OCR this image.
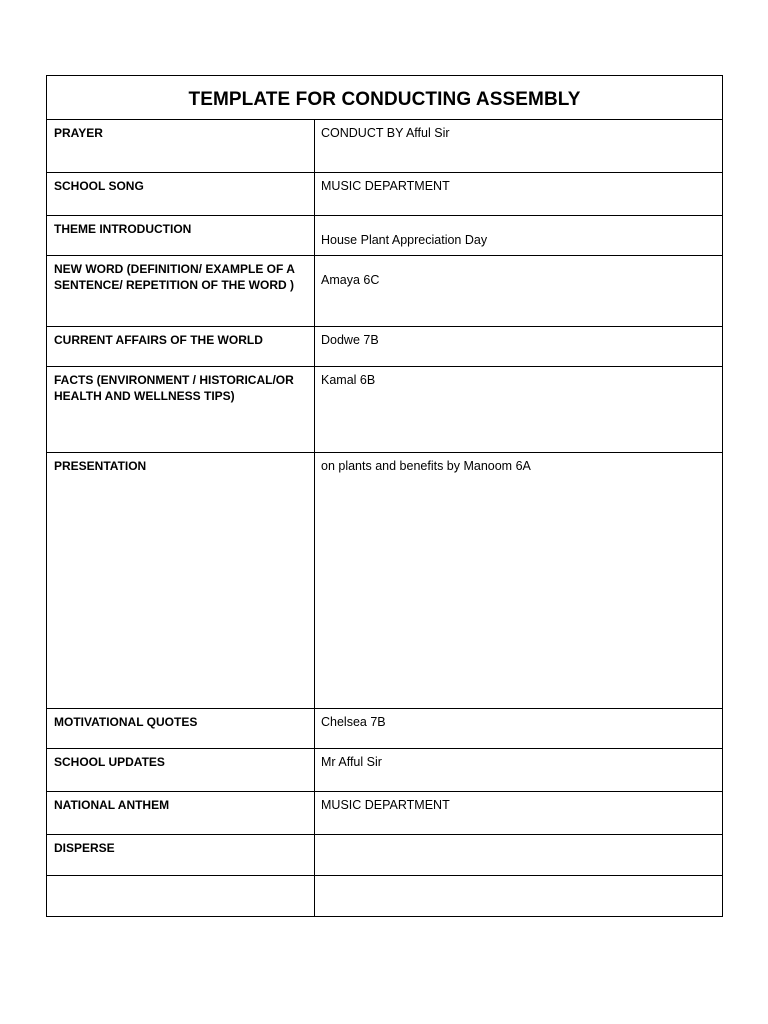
TEMPLATE FOR CONDUCTING ASSEMBLY	
PRAYER	CONDUCT BY Afful Sir
SCHOOL SONG	MUSIC DEPARTMENT
THEME INTRODUCTION	House Plant Appreciation Day
NEW WORD (DEFINITION/ EXAMPLE OF A SENTENCE/ REPETITION OF THE WORD )	Amaya 6C
CURRENT AFFAIRS OF THE WORLD	Dodwe 7B
FACTS (ENVIRONMENT / HISTORICAL/OR HEALTH AND WELLNESS TIPS)	Kamal 6B
PRESENTATION	on plants and benefits by Manoom 6A
MOTIVATIONAL QUOTES	Chelsea 7B
SCHOOL UPDATES	Mr Afful Sir
NATIONAL ANTHEM	MUSIC DEPARTMENT
DISPERSE	
